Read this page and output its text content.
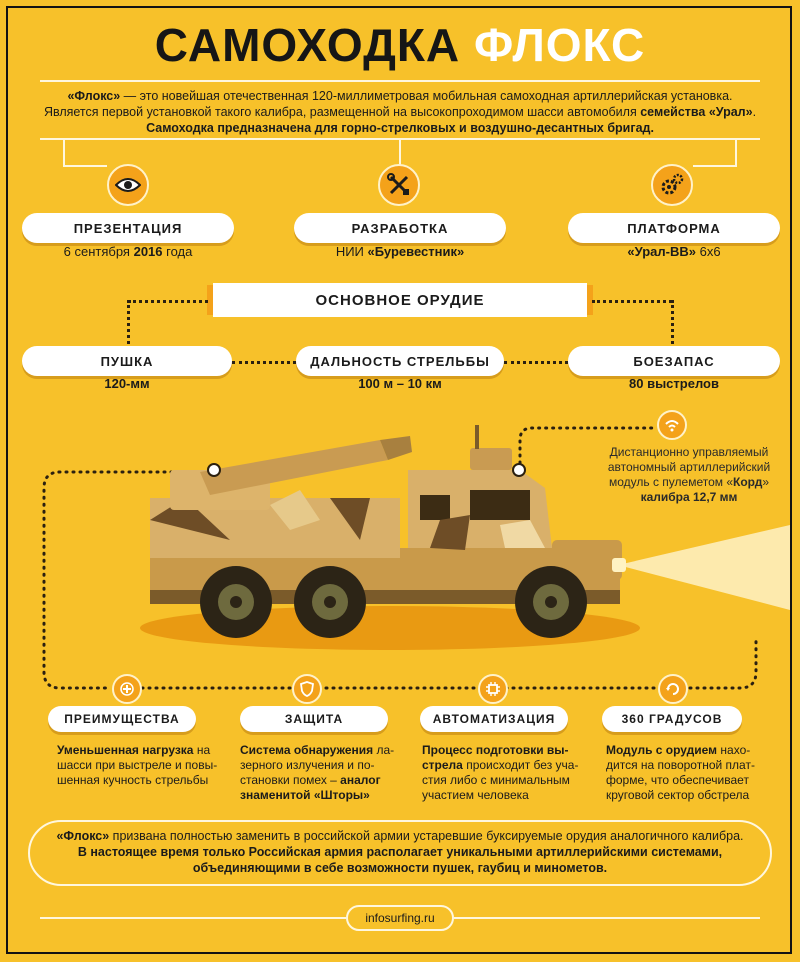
САМОХОДКА ФЛОКС
«Флокс» — это новейшая отечественная 120-миллиметровая мобильная самоходная артиллерийская установка.
Является первой установкой такого калибра, размещенной на высокопроходимом шасси автомобиля семейства «Урал».
Самоходка предназначена для горно-стрелковых и воздушно-десантных бригад.
ПРЕЗЕНТАЦИЯ	РАЗРАБОТКА	ПЛАТФОРМА
6 сентября 2016 года	НИИ «Буревестник»	«Урал-ВВ» 6х6
ОСНОВНОЕ ОРУДИЕ
ПУШКА	ДАЛЬНОСТЬ СТРЕЛЬБЫ	БОЕЗАПАС
120-мм	100 м – 10 км	80 выстрелов
Дистанционно управляемый
автономный артиллерийский
модуль с пулеметом «Корд»
калибра 12,7 мм
ПРЕИМУЩЕСТВА	ЗАЩИТА	АВТОМАТИЗАЦИЯ	360 ГРАДУСОВ
Уменьшенная нагрузка на
шасси при выстреле и повы-
шенная кучность стрельбы
Система обнаружения ла-
зерного излучения и по-
становки помех – аналог
знаменитой «Шторы»
Процесс подготовки вы-
стрела происходит без уча-
стия либо с минимальным
участием человека
Модуль с орудием нахо-
дится на поворотной плат-
форме, что обеспечивает
круговой сектор обстрела
«Флокс» призвана полностью заменить в российской армии устаревшие буксируемые орудия аналогичного калибра.
В настоящее время только Российская армия располагает уникальными артиллерийскими системами,
объединяющими в себе возможности пушек, гаубиц и минометов.
infosurfing.ru
